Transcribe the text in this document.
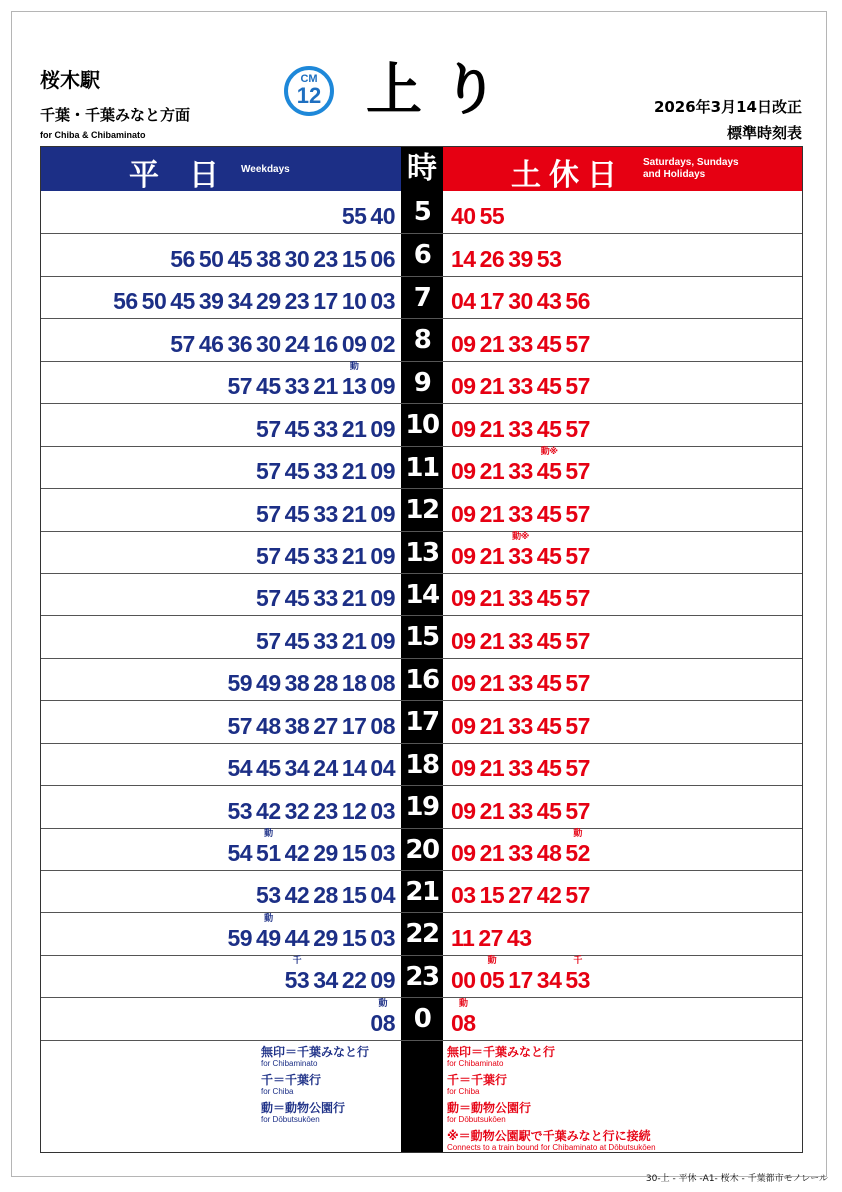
桜木駅
千葉・千葉みなと方面
for Chiba & Chibaminato
CM
12 上り	2026年3月14日改正
標準時刻表
平日
Weekdays	時 土休日 Saturdays, Sundays
and Holidays
55 40 5 40 55
56 50 45 38 30 23 15 06 6 14 26 39 53
56 50 45 39 34 29 23 17 10 03 7 04 17 30 43 56
57 46 36 30 24 16 09 02 8 09 21 33 45 57
57 45 33 21 13
動
09 9 09 21 33 45 57
57 45 33 21 09 10 09 21 33 45 57
57 45 33 21 09 11 09 21 33 45
動※
57
57 45 33 21 09 12 09 21 33 45 57
57 45 33 21 09 13 09 21 33
動※
45 57
57 45 33 21 09 14 09 21 33 45 57
57 45 33 21 09 15 09 21 33 45 57
59 49 38 28 18 08 16 09 21 33 45 57
57 48 38 27 17 08 17 09 21 33 45 57
54 45 34 24 14 04 18 09 21 33 45 57
53 42 32 23 12 03 19 09 21 33 45 57
54 51
動
42 29 15 03 20 09 21 33 48 52
動
53 42 28 15 04 21 03 15 27 42 57
59 49
動
44 29 15 03 22 11 27 43
53
千
34 22 09 23 00 05
動
17 34 53
千
08
動
0 08
動
無印＝千葉みなと行
for Chibaminato
千＝千葉行
for Chiba
動＝動物公園行
for Dōbutsukōen
無印＝千葉みなと行
for Chibaminato
千＝千葉行
for Chiba
動＝動物公園行
for Dōbutsukōen
※＝動物公園駅で千葉みなと行に接続
Connects to a train bound for Chibaminato at Dōbutsukōen
30-上 - 平休 -A1- 桜木 - 千葉都市モノレール
